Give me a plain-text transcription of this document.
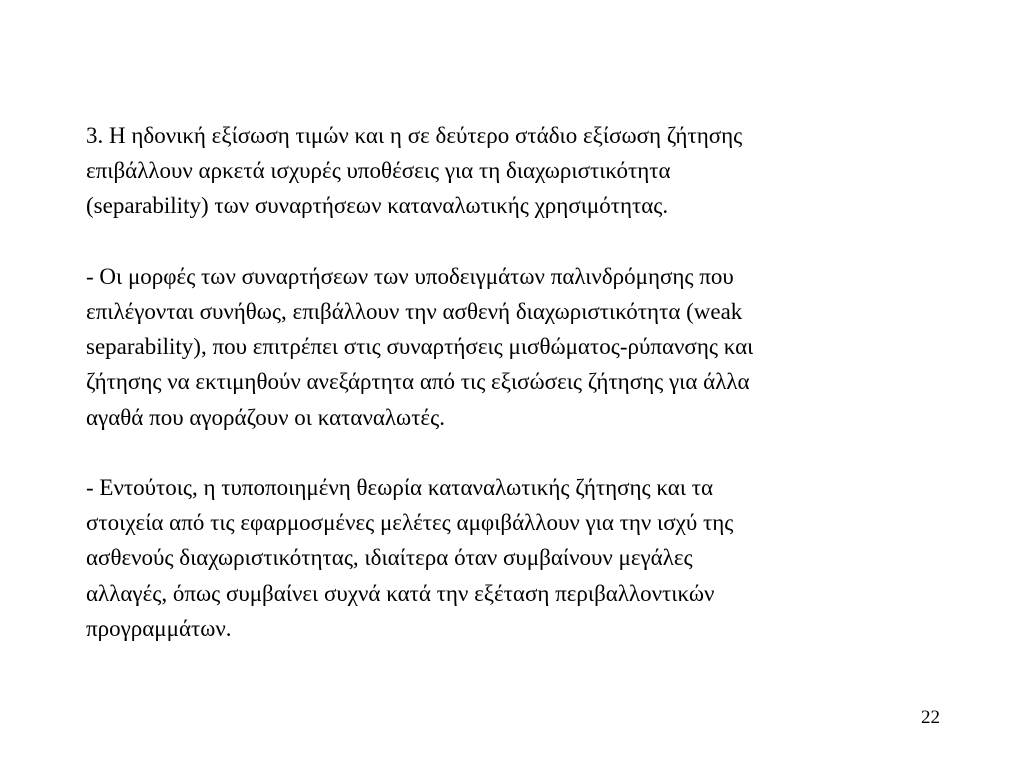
3. Η ηδονική εξίσωση τιμών και η σε δεύτερο στάδιο εξίσωση ζήτησης
επιβάλλουν αρκετά ισχυρές υποθέσεις για τη διαχωριστικότητα
(separability) των συναρτήσεων καταναλωτικής χρησιμότητας.

- Οι μορφές των συναρτήσεων των υποδειγμάτων παλινδρόμησης που
επιλέγονται συνήθως, επιβάλλουν την ασθενή διαχωριστικότητα (weak
separability), που επιτρέπει στις συναρτήσεις μισθώματος-ρύπανσης και
ζήτησης να εκτιμηθούν ανεξάρτητα από τις εξισώσεις ζήτησης για άλλα
αγαθά που αγοράζουν οι καταναλωτές.

- Εντούτοις, η τυποποιημένη θεωρία καταναλωτικής ζήτησης και τα
στοιχεία από τις εφαρμοσμένες μελέτες αμφιβάλλουν για την ισχύ της
ασθενούς διαχωριστικότητας, ιδιαίτερα όταν συμβαίνουν μεγάλες
αλλαγές, όπως συμβαίνει συχνά κατά την εξέταση περιβαλλοντικών
προγραμμάτων.

22
